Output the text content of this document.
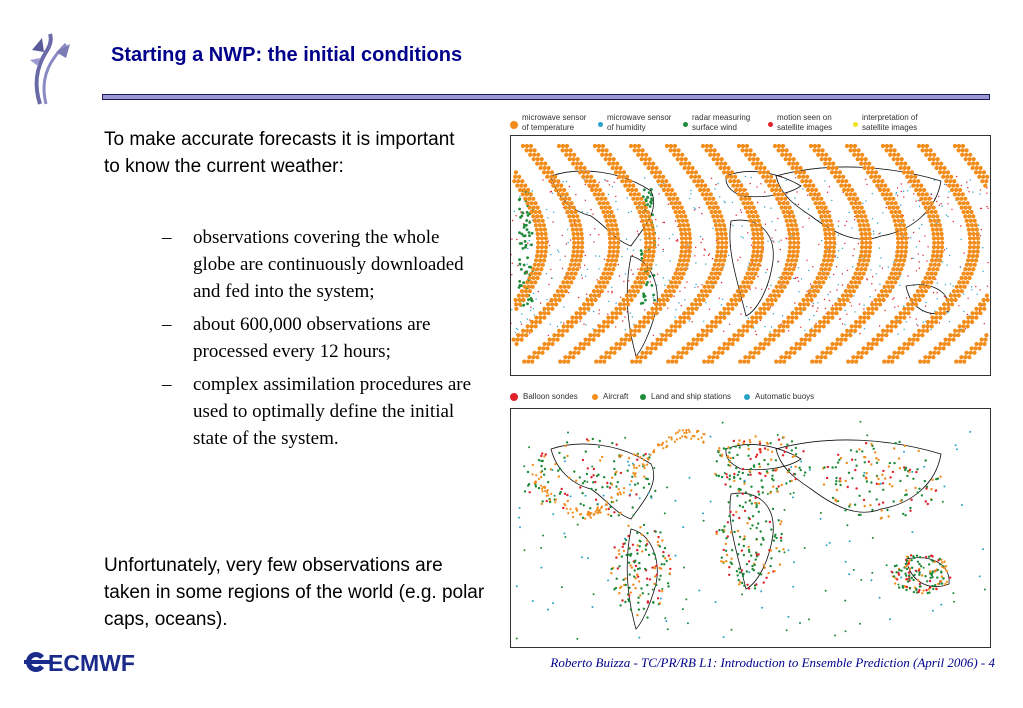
Starting a NWP: the initial conditions
To make accurate forecasts it is important to know the current weather:
– observations covering the whole globe are continuously downloaded and fed into the system;
– about 600,000 observations are processed every 12 hours;
– complex assimilation procedures are used to optimally define the initial state of the system.
Unfortunately, very few observations are taken in some regions of the world (e.g. polar caps, oceans).
microwave sensor
of temperature
microwave sensor
of humidity
radar measuring
surface wind
motion seen on
satellite images
interpretation of
satellite images
Balloon sondes	Aircraft	Land and ship stations	Automatic buoys
ECMWF	Roberto Buizza - TC/PR/RB L1: Introduction to Ensemble Prediction (April 2006) - 4
